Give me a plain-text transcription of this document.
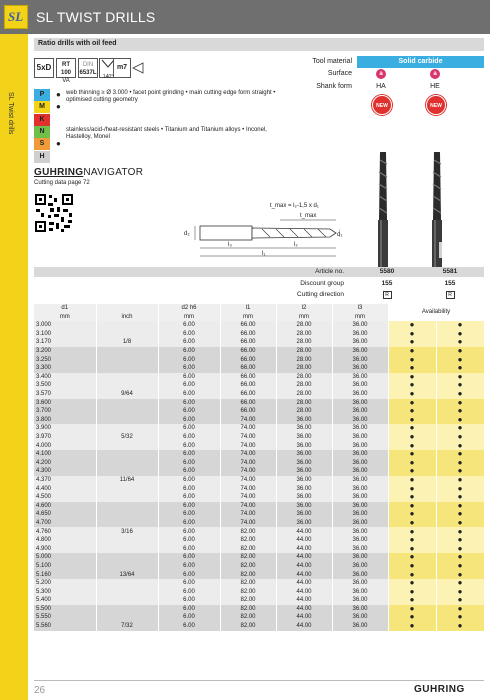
SL SL TWIST DRILLS
SL Twist drills
Ratio drills with oil feed
5xD	RT 100
VA
DIN
6537L
140°
m7
Tool material	Solid carbide
Surface	a	a
Shank form	HA	HE
NEW	NEW
P	● web thinning ≥ Ø 3.000 • facet point grinding • main cutting edge form straight • optimised cutting geometry
M	●
K
N	stainless/acid-/heat-resistant steels • Titanium and Titanium alloys • Inconel, Hastelloy, Monel
S	●
H
GUHRINGNAVIGATOR
Cutting data page 72
t_max = l₂-1,5 x d₁
t_max
d₂	d₁
l₃	l₂
l₁
Article no.	5580	5581
Discount group	155	155
Cutting direction	R	R
d1		d2 h6	l1	l2	l3	Availability	
mm	inch	mm	mm	mm	mm		
3.000		6.00	66.00	28.00	36.00	●	●
3.100		6.00	66.00	28.00	36.00	●	●
3.170	1/8	6.00	66.00	28.00	36.00	●	●
3.200		6.00	66.00	28.00	36.00	●	●
3.250		6.00	66.00	28.00	36.00	●	●
3.300		6.00	66.00	28.00	36.00	●	●
3.400		6.00	66.00	28.00	36.00	●	●
3.500		6.00	66.00	28.00	36.00	●	●
3.570	9/64	6.00	66.00	28.00	36.00	●	●
3.600		6.00	66.00	28.00	36.00	●	●
3.700		6.00	66.00	28.00	36.00	●	●
3.800		6.00	74.00	36.00	36.00	●	●
3.900		6.00	74.00	36.00	36.00	●	●
3.970	5/32	6.00	74.00	36.00	36.00	●	●
4.000		6.00	74.00	36.00	36.00	●	●
4.100		6.00	74.00	36.00	36.00	●	●
4.200		6.00	74.00	36.00	36.00	●	●
4.300		6.00	74.00	36.00	36.00	●	●
4.370	11/64	6.00	74.00	36.00	36.00	●	●
4.400		6.00	74.00	36.00	36.00	●	●
4.500		6.00	74.00	36.00	36.00	●	●
4.600		6.00	74.00	36.00	36.00	●	●
4.650		6.00	74.00	36.00	36.00	●	●
4.700		6.00	74.00	36.00	36.00	●	●
4.760	3/16	6.00	82.00	44.00	36.00	●	●
4.800		6.00	82.00	44.00	36.00	●	●
4.900		6.00	82.00	44.00	36.00	●	●
5.000		6.00	82.00	44.00	36.00	●	●
5.100		6.00	82.00	44.00	36.00	●	●
5.160	13/64	6.00	82.00	44.00	36.00	●	●
5.200		6.00	82.00	44.00	36.00	●	●
5.300		6.00	82.00	44.00	36.00	●	●
5.400		6.00	82.00	44.00	36.00	●	●
5.500		6.00	82.00	44.00	36.00	●	●
5.550		6.00	82.00	44.00	36.00	●	●
5.560	7/32	6.00	82.00	44.00	36.00	●	●
26	GUHRING
